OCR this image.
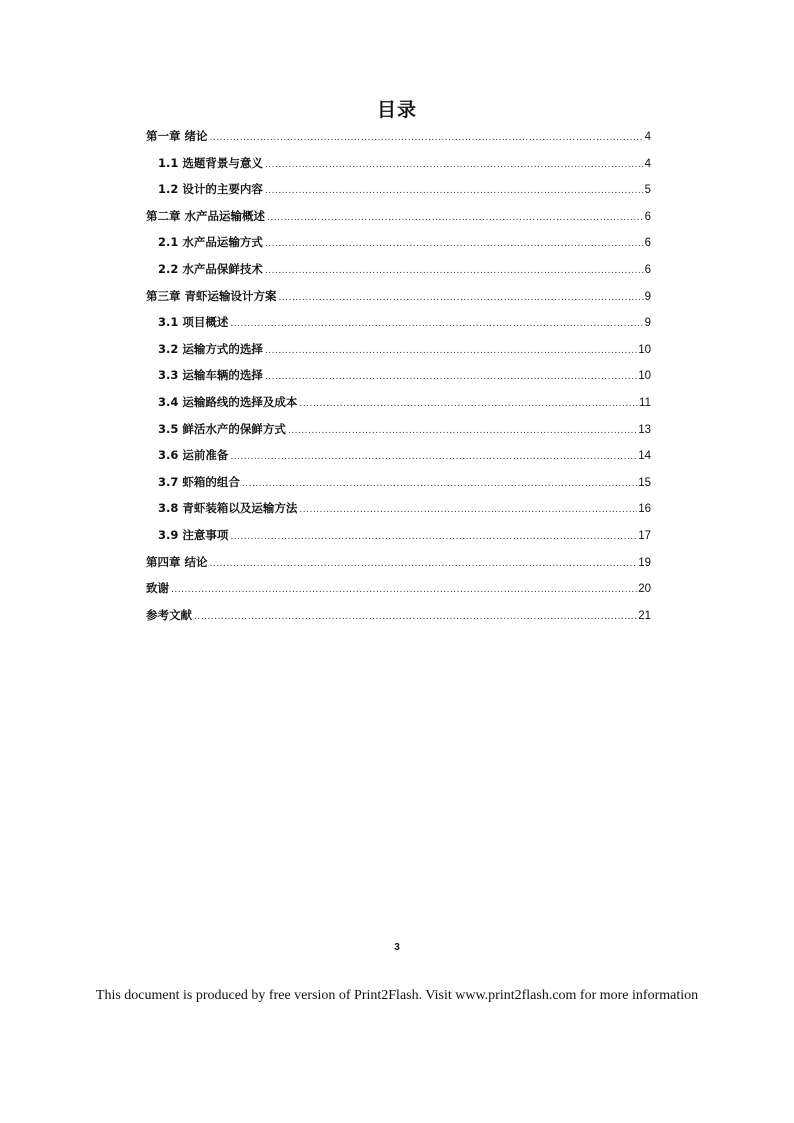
目录
第一章 绪论 .....	4
1.1 选题背景与意义 .....	4
1.2 设计的主要内容 .....	5
第二章 水产品运输概述 .....	6
2.1 水产品运输方式 .....	6
2.2 水产品保鲜技术 .....	6
第三章 青虾运输设计方案 .....	9
3.1 项目概述 .....	9
3.2 运输方式的选择 .....	10
3.3 运输车辆的选择 .....	10
3.4 运输路线的选择及成本 .....	11
3.5 鲜活水产的保鲜方式 .....	13
3.6 运前准备 .....	14
3.7 虾箱的组合 .....	15
3.8 青虾装箱以及运输方法 .....	16
3.9 注意事项 .....	17
第四章 结论 .....	19
致谢 .....	20
参考文献 .....	21
3
This document is produced by free version of Print2Flash. Visit www.print2flash.com for more information
